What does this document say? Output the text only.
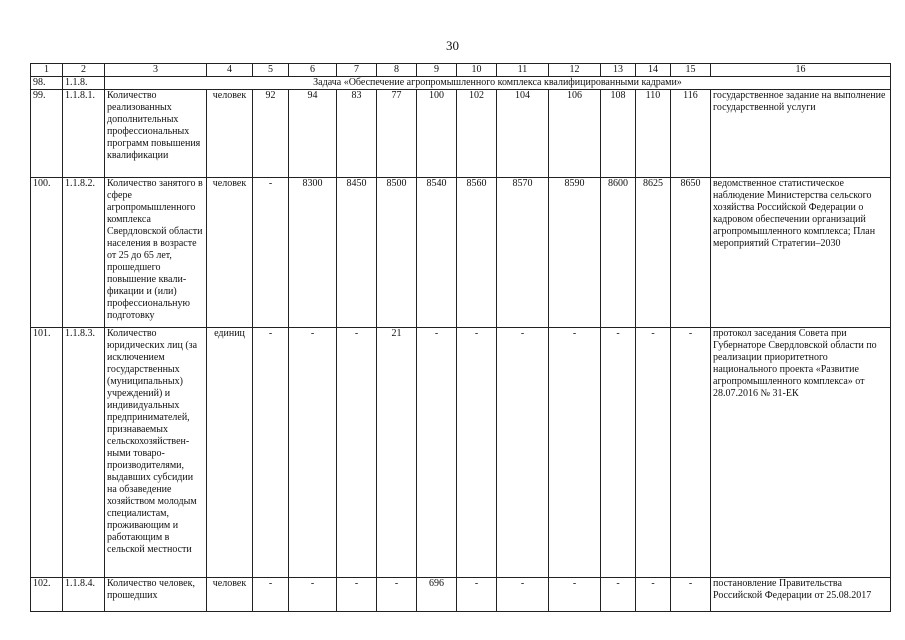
30
1	2	3	4	5	6	7	8	9	10	11	12	13	14	15	16
98.	1.1.8.	Задача «Обеспечение агропромышленного комплекса квалифицированными кадрами»													
99.	1.1.8.1.	Количество реализованных дополнительных профессиональных программ повышения квалификации	человек	92	94	83	77	100	102	104	106	108	110	116	государственное задание на выполнение государственной услуги
100.	1.1.8.2.	Количество занятого в сфере агропромышленного комплекса Свердловской области населения в возрасте от 25 до 65 лет, прошедшего повышение квали-фикации и (или) профессиональную подготовку	человек	-	8300	8450	8500	8540	8560	8570	8590	8600	8625	8650	ведомственное статистическое наблюдение Министерства сельского хозяйства Российской Федерации о кадровом обеспечении организаций агропромышленного комплекса; План мероприятий Стратегии–2030
101.	1.1.8.3.	Количество юридических лиц (за исключением государственных (муниципальных) учреждений) и индивидуальных предпринимателей, признаваемых сельскохозяйствен-ными товаро-производителями, выдавших субсидии на обзаведение хозяйством молодым специалистам, проживающим и работающим в сельской местности	единиц	-	-	-	21	-	-	-	-	-	-	-	протокол заседания Совета при Губернаторе Свердловской области по реализации приоритетного национального проекта «Развитие агропромышленного комплекса» от 28.07.2016 № 31-ЕК
102.	1.1.8.4.	Количество человек, прошедших	человек	-	-	-	-	696	-	-	-	-	-	-	постановление Правительства Российской Федерации от 25.08.2017
